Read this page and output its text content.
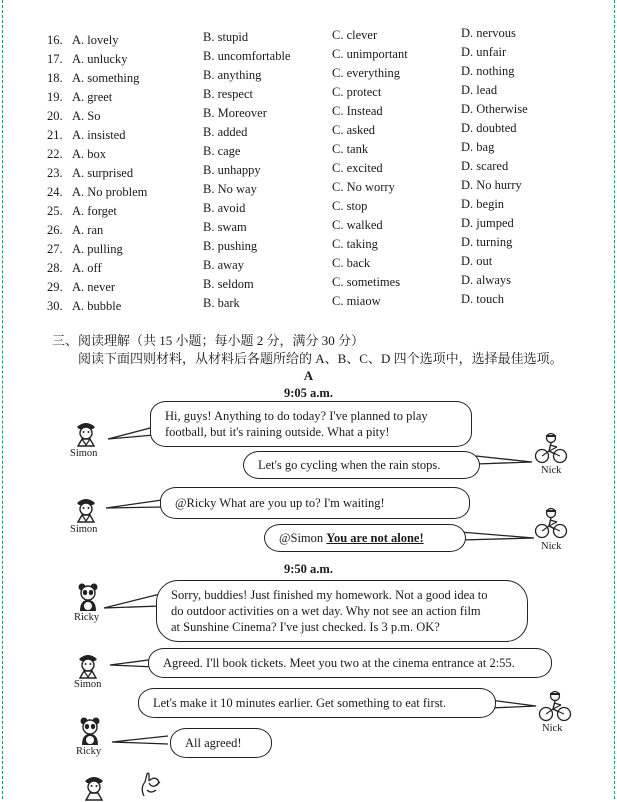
16. A. lovely	B. stupid	C. clever	D. nervous
17. A. unlucky	B. uncomfortable	C. unimportant	D. unfair
18. A. something	B. anything	C. everything	D. nothing
19. A. greet	B. respect	C. protect	D. lead
20. A. So	B. Moreover	C. Instead	D. Otherwise
21. A. insisted	B. added	C. asked	D. doubted
22. A. box	B. cage	C. tank	D. bag
23. A. surprised	B. unhappy	C. excited	D. scared
24. A. No problem	B. No way	C. No worry	D. No hurry
25. A. forget	B. avoid	C. stop	D. begin
26. A. ran	B. swam	C. walked	D. jumped
27. A. pulling	B. pushing	C. taking	D. turning
28. A. off	B. away	C. back	D. out
29. A. never	B. seldom	C. sometimes	D. always
30. A. bubble	B. bark	C. miaow	D. touch
三、阅读理解（共 15 小题；每小题 2 分，满分 30 分）
阅读下面四则材料，从材料后各题所给的 A、B、C、D 四个选项中，选择最佳选项。
A
9:05 a.m.
Simon
Hi, guys! Anything to do today? I've planned to play
football, but it's raining outside. What a pity!
Nick
Let's go cycling when the rain stops.
Simon
@Ricky What are you up to? I'm waiting!
Nick
@Simon You are not alone!
9:50 a.m.
Ricky
Sorry, buddies! Just finished my homework. Not a good idea to
do outdoor activities on a wet day. Why not see an action film
at Sunshine Cinema? I've just checked. Is 3 p.m. OK?
Simon
Agreed. I'll book tickets. Meet you two at the cinema entrance at 2:55.
Nick
Let's make it 10 minutes earlier. Get something to eat first.
Ricky
All agreed!
